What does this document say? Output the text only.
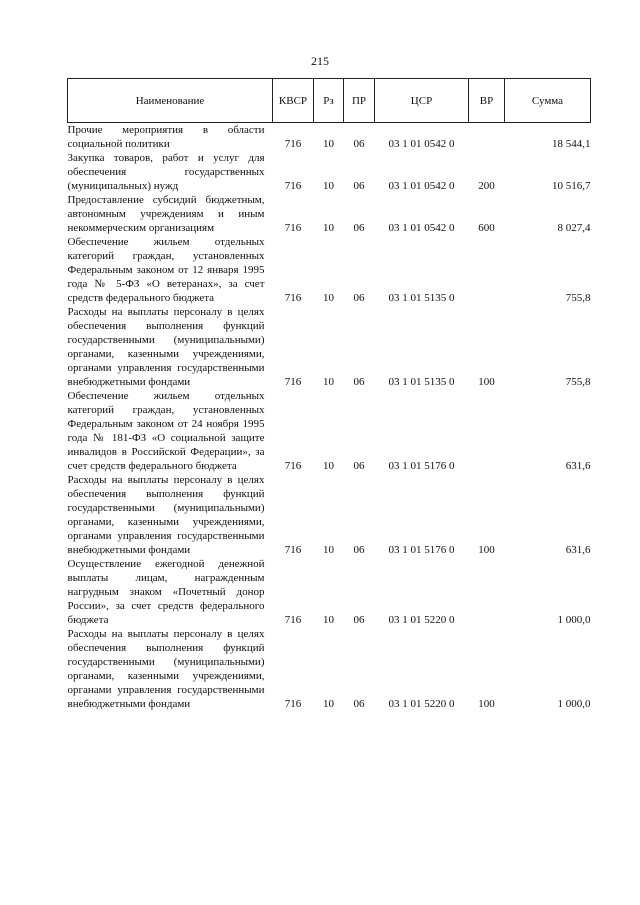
215
Наименование	КВСР	Рз	ПР	ЦСР	ВР	Сумма
Прочие мероприятия в области социальной политики	716	10	06	03 1 01 0542 0		18 544,1
Закупка товаров, работ и услуг для обеспечения государственных (муниципальных) нужд	716	10	06	03 1 01 0542 0	200	10 516,7
Предоставление субсидий бюджетным, автономным учреждениям и иным некоммерческим организациям	716	10	06	03 1 01 0542 0	600	8 027,4
Обеспечение жильем отдельных категорий граждан, установленных Федеральным законом от 12 января 1995 года № 5-ФЗ «О ветеранах», за счет средств федерального бюджета	716	10	06	03 1 01 5135 0		755,8
Расходы на выплаты персоналу в целях обеспечения выполнения функций государственными (муниципальными) органами, казенными учреждениями, органами управления государственными внебюджетными фондами	716	10	06	03 1 01 5135 0	100	755,8
Обеспечение жильем отдельных категорий граждан, установленных Федеральным законом от 24 ноября 1995 года № 181-ФЗ «О социальной защите инвалидов в Российской Федерации», за счет средств федерального бюджета	716	10	06	03 1 01 5176 0		631,6
Расходы на выплаты персоналу в целях обеспечения выполнения функций государственными (муниципальными) органами, казенными учреждениями, органами управления государственными внебюджетными фондами	716	10	06	03 1 01 5176 0	100	631,6
Осуществление ежегодной денежной выплаты лицам, награжденным нагрудным знаком «Почетный донор России», за счет средств федерального бюджета	716	10	06	03 1 01 5220 0		1 000,0
Расходы на выплаты персоналу в целях обеспечения выполнения функций государственными (муниципальными) органами, казенными учреждениями, органами управления государственными внебюджетными фондами	716	10	06	03 1 01 5220 0	100	1 000,0
